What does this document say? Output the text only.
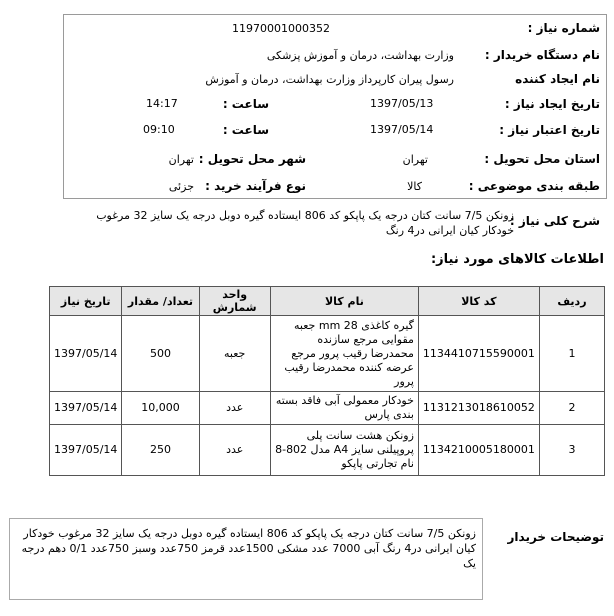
شماره نیاز :
11970001000352
نام دستگاه خریدار :
وزارت بهداشت، درمان و آموزش پزشکی
نام ایجاد کننده
رسول پیران کارپرداز وزارت بهداشت، درمان و آموزش
تاریخ ایجاد نیاز :
1397/05/13
ساعت :
14:17
تاریخ اعتبار نیاز :
1397/05/14
ساعت :
09:10
استان محل تحویل :
تهران
شهر محل تحویل :
تهران
طبقه بندی موضوعی :
کالا
نوع فرآیند خرید :
جزئی
شرح کلی نیاز :
زونکن 7/5 سانت کتان درجه یک پاپکو کد 806 ایستاده گیره دوبل درجه یک سایز 32 مرغوب خودکار کیان ایرانی در4 رنگ
اطلاعات کالاهای مورد نیاز:
ردیف	کد کالا	نام کالا	واحد شمارش	تعداد/ مقدار	تاریخ نیاز
1	1134410715590001	گیره کاغذی 28 mm جعبه مقوایی مرجع سازنده محمدرضا رقیب پرور مرجع عرضه کننده محمدرضا رقیب پرور	جعبه	500	1397/05/14
2	1131213018610052	خودکار معمولی آبی فاقد بسته بندی پارس	عدد	10,000	1397/05/14
3	1134210005180001	زونکن هشت سانت پلی پروپیلنی سایز A4 مدل 802-8 نام تجارتی پاپکو	عدد	250	1397/05/14
توضیحات خریدار
زونکن 7/5 سانت کتان درجه یک پاپکو کد 806 ایستاده گیره دوبل درجه یک سایز 32 مرغوب خودکار کیان ایرانی در4 رنگ آبی 7000 عدد مشکی 1500عدد قرمز 750عدد وسبز 750عدد 0/1 دهم درجه یک
